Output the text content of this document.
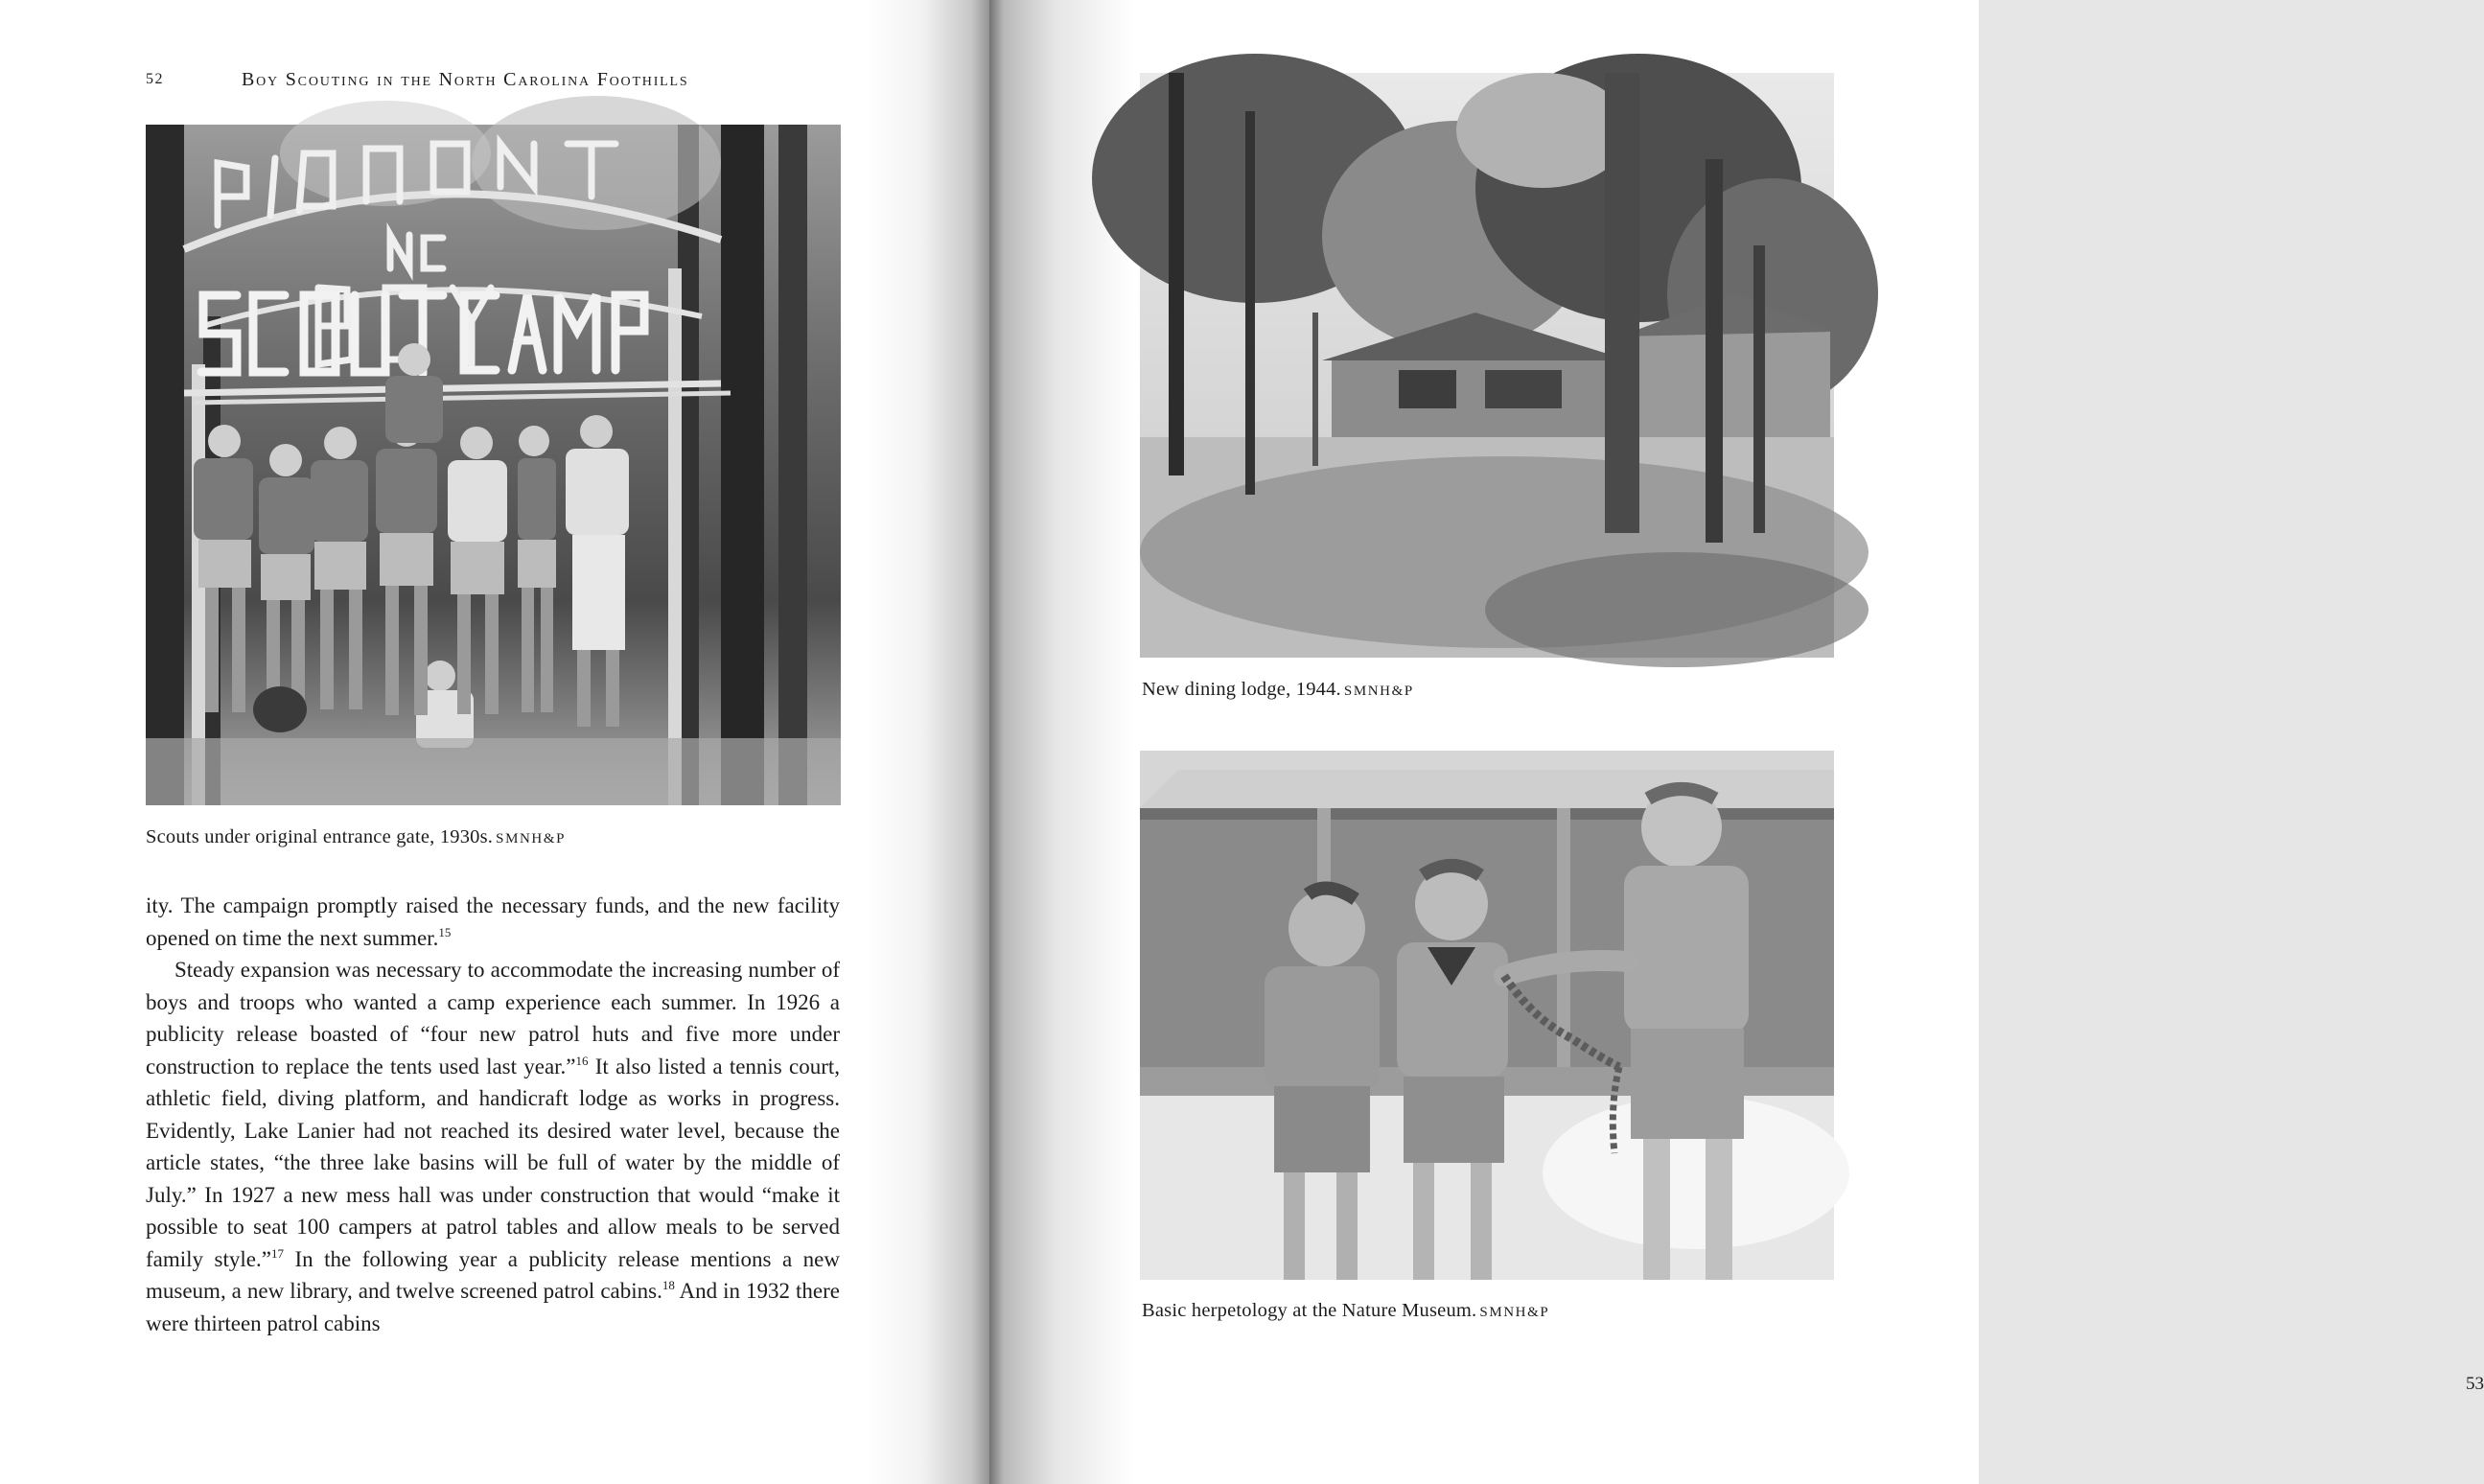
52	Boy Scouting in the North Carolina Foothills
Scouts under original entrance gate, 1930s. SMNH&P

ity. The campaign promptly raised the necessary funds, and the new facility opened on time the next summer.$^{15}$

Steady expansion was necessary to accommodate the increasing number of boys and troops who wanted a camp experience each summer. In 1926 a publicity release boasted of “four new patrol huts and five more under construction to replace the tents used last year.”$^{16}$ It also listed a tennis court, athletic field, diving platform, and handicraft lodge as works in progress. Evidently, Lake Lanier had not reached its desired water level, because the article states, “the three lake basins will be full of water by the middle of July.” In 1927 a new mess hall was under construction that would “make it possible to seat 100 campers at patrol tables and allow meals to be served family style.”$^{17}$ In the following year a publicity release mentions a new museum, a new library, and twelve screened patrol cabins.$^{18}$ And in 1932 there were thirteen patrol cabins

New dining lodge, 1944. SMNH&P
Basic herpetology at the Nature Museum. SMNH&P
53
